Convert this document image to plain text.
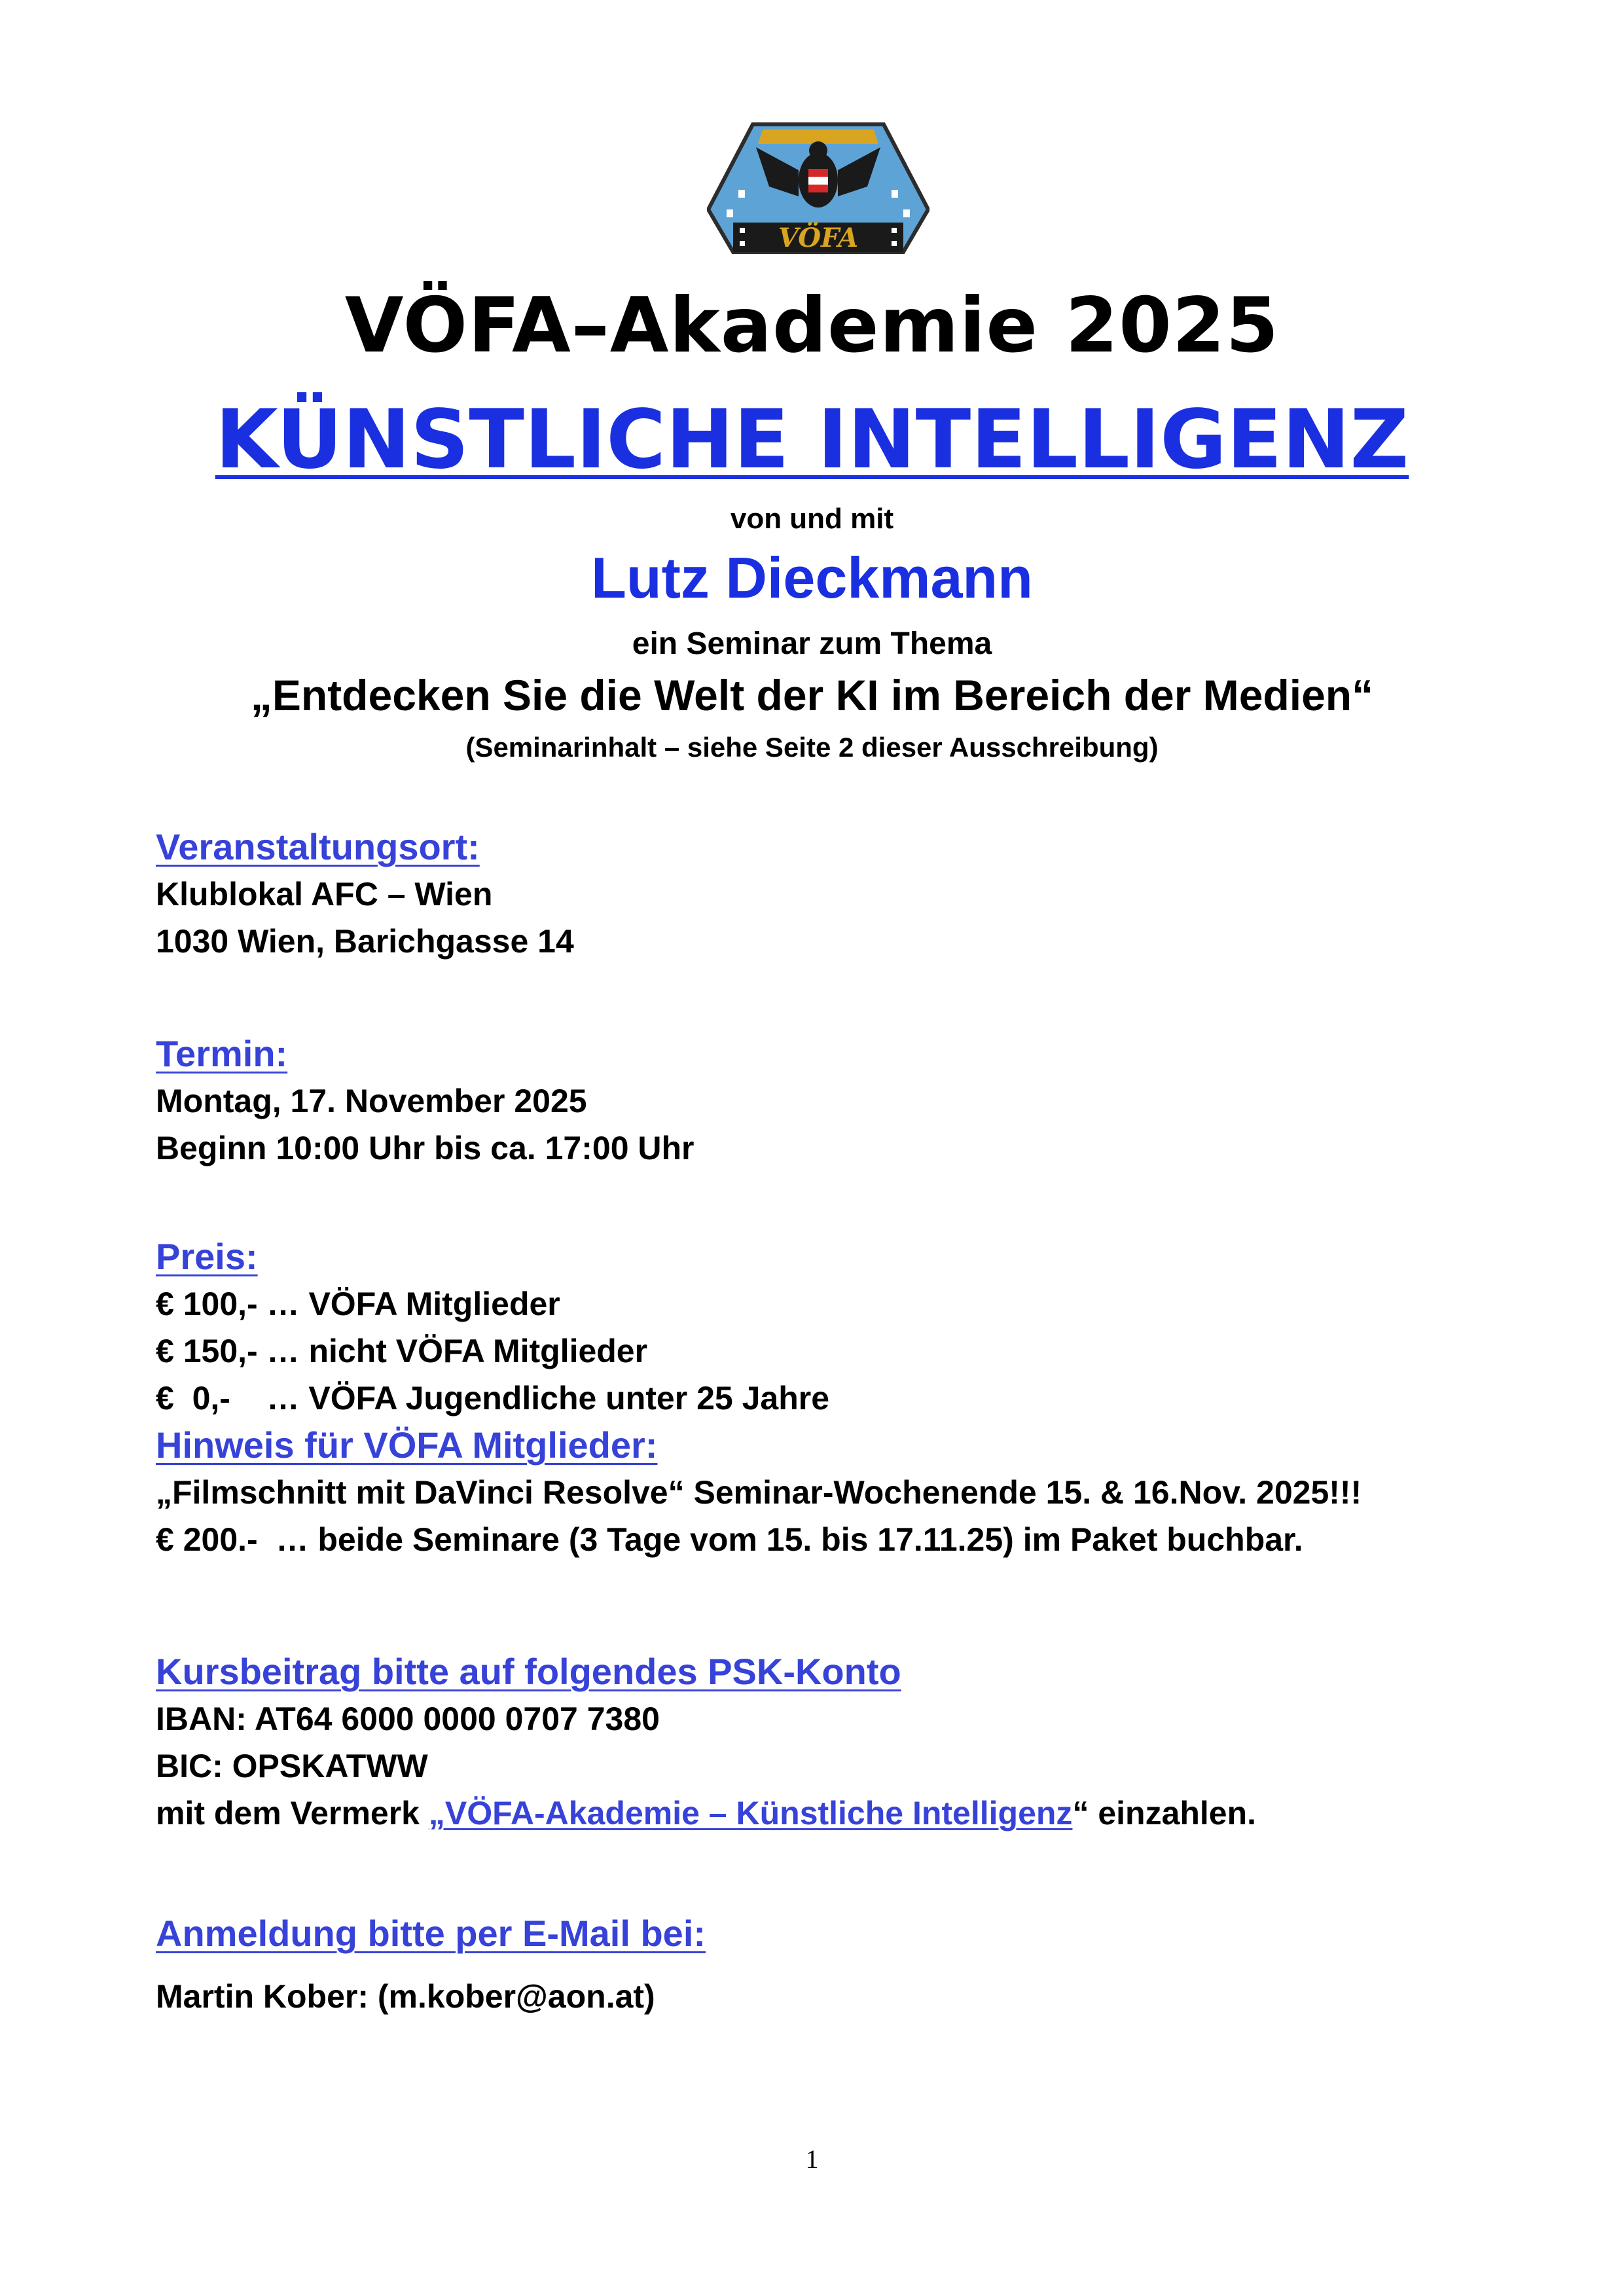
VÖFA
VÖFA–Akademie 2025
KÜNSTLICHE INTELLIGENZ
von und mit
Lutz Dieckmann
ein Seminar zum Thema
„Entdecken Sie die Welt der KI im Bereich der Medien“
(Seminarinhalt – siehe Seite 2 dieser Ausschreibung)
Veranstaltungsort:
Klublokal AFC – Wien
1030 Wien, Barichgasse 14
Termin:
Montag, 17. November 2025
Beginn 10:00 Uhr bis ca. 17:00 Uhr
Preis:
€ 100,- … VÖFA Mitglieder
€ 150,- … nicht VÖFA Mitglieder
€  0,-    … VÖFA Jugendliche unter 25 Jahre
Hinweis für VÖFA Mitglieder:
„Filmschnitt mit DaVinci Resolve“ Seminar-Wochenende 15. & 16.Nov. 2025!!!
€ 200.-  … beide Seminare (3 Tage vom 15. bis 17.11.25) im Paket buchbar.
Kursbeitrag bitte auf folgendes PSK-Konto
IBAN: AT64 6000 0000 0707 7380
BIC: OPSKATWW
mit dem Vermerk „VÖFA-Akademie – Künstliche Intelligenz“ einzahlen.
Anmeldung bitte per E-Mail bei:
Martin Kober: (m.kober@aon.at)
1
